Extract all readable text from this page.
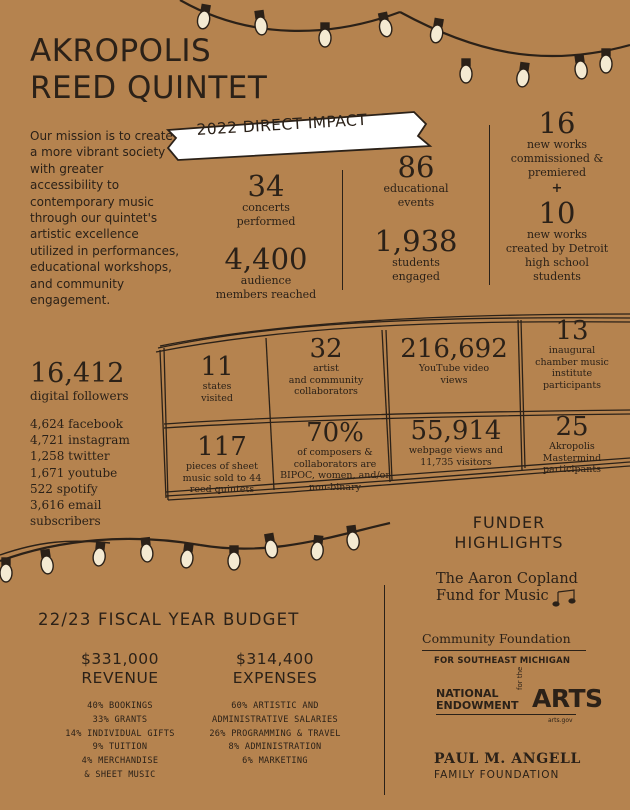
AKROPOLIS
REED QUINTET
Our mission is to create a more vibrant society with greater accessibility to contemporary music through our quintet's artistic excellence utilized in performances, educational workshops, and community engagement.
2022 DIRECT IMPACT
34
concerts
performed
4,400
audience
members reached
86
educational
events
1,938
students
engaged
16
new works
commissioned &
premiered
+
10
new works
created by Detroit
high school
students
16,412
digital followers
4,624 facebook
4,721 instagram
1,258 twitter
1,671 youtube
522 spotify
3,616 email
subscribers
11
states
visited
32
artist
and community
collaborators
216,692
YouTube video
views
13
inaugural
chamber music
institute
participants
117
pieces of sheet
music sold to 44
reed quintets
70%
of composers &
collaborators are
BIPOC, women, and/or
non-binary
55,914
webpage views and
11,735 visitors
25
Akropolis
Mastermind
participants
22/23 FISCAL YEAR BUDGET
$331,000
REVENUE
40% BOOKINGS
33% GRANTS
14% INDIVIDUAL GIFTS
9% TUITION
4% MERCHANDISE
& SHEET MUSIC
$314,400
EXPENSES
60% ARTISTIC AND
ADMINISTRATIVE SALARIES
26% PROGRAMMING & TRAVEL
8% ADMINISTRATION
6% MARKETING
FUNDER
HIGHLIGHTS
The Aaron Copland
Fund for Music
Community Foundation
FOR SOUTHEAST MICHIGAN
NATIONAL
ENDOWMENT
for the
ARTS
arts.gov
PAUL M. ANGELL
FAMILY FOUNDATION
